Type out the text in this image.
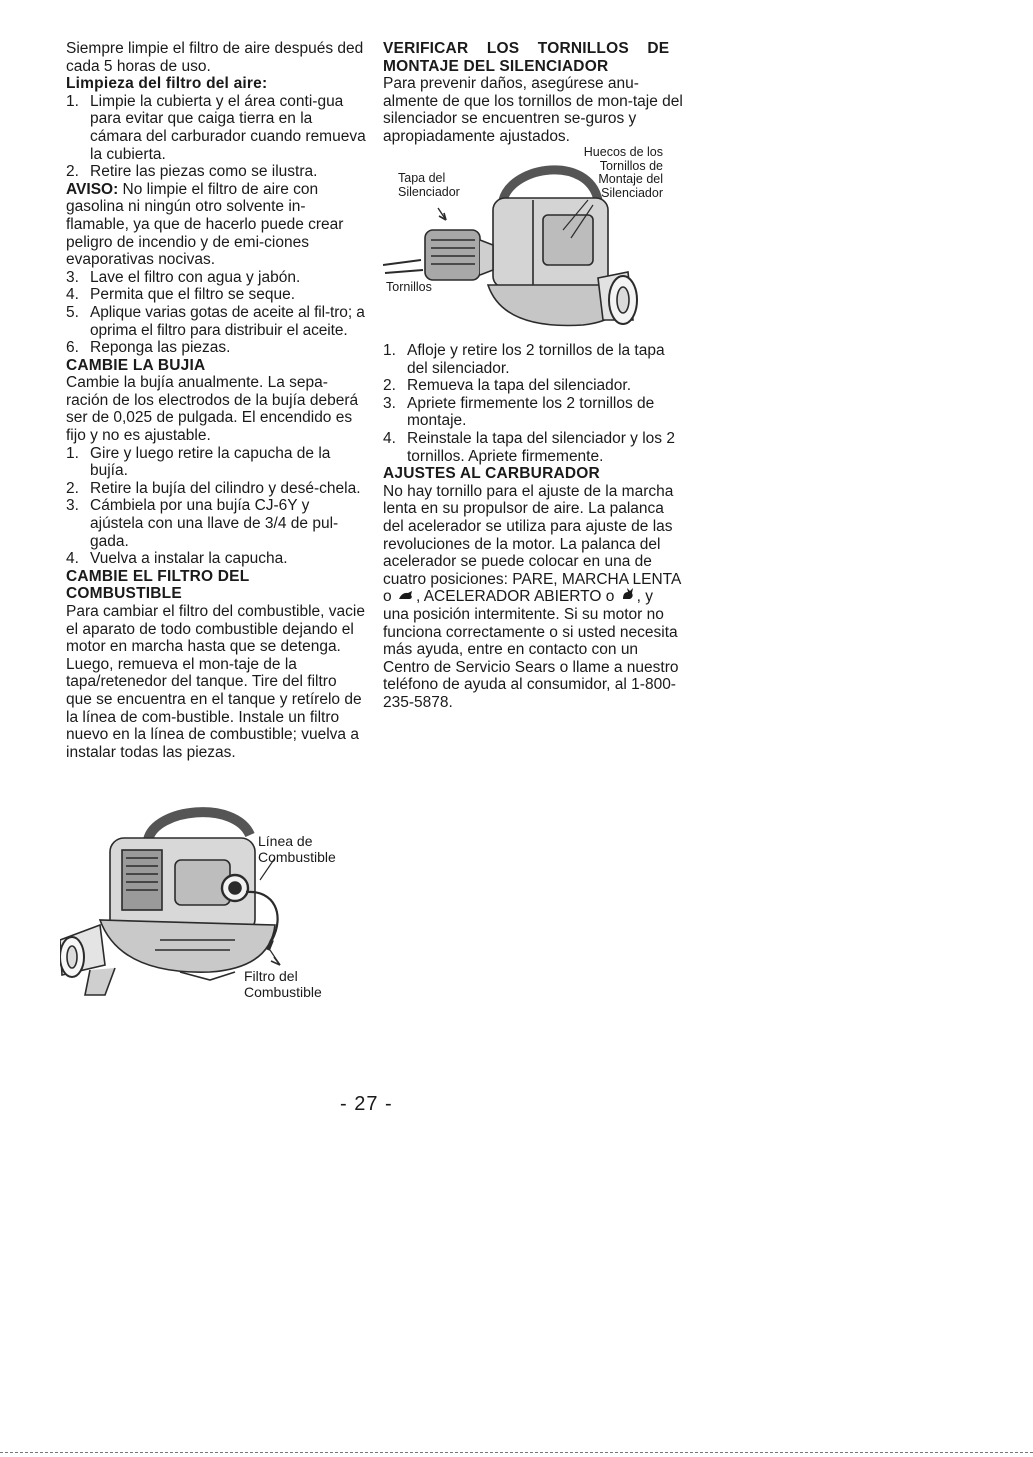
Siempre limpie el filtro de aire después ded cada 5 horas de uso.

Limpieza del filtro del aire:

1. Limpie la cubierta y el área conti-gua para evitar que caiga tierra en la cámara del carburador cuando remueva la cubierta.
2. Retire las piezas como se ilustra.

AVISO: No limpie el filtro de aire con gasolina ni ningún otro solvente in-flamable, ya que de hacerlo puede crear peligro de incendio y de emi-ciones evaporativas nocivas.

3. Lave el filtro con agua y jabón.
4. Permita que el filtro se seque.
5. Aplique varias gotas de aceite al fil-tro; a oprima el filtro para distribuir el aceite.
6. Reponga las piezas.

CAMBIE LA BUJIA

Cambie la bujía anualmente. La sepa-ración de los electrodos de la bujía deberá ser de 0,025 de pulgada. El encendido es fijo y no es ajustable.

1. Gire y luego retire la capucha de la bujía.
2. Retire la bujía del cilindro y desé-chela.
3. Cámbiela por una bujía CJ-6Y y ajústela con una llave de 3/4 de pul-gada.
4. Vuelva a instalar la capucha.

CAMBIE EL FILTRO DEL

COMBUSTIBLE

Para cambiar el filtro del combustible, vacie el aparato de todo combustible dejando el motor en marcha hasta que se detenga. Luego, remueva el mon-taje de la tapa/retenedor del tanque. Tire del filtro que se encuentra en el tanque y retírelo de la línea de com-bustible. Instale un filtro nuevo en la línea de combustible; vuelva a instalar todas las piezas.

Línea de
Combustible
Filtro del
Combustible

VERIFICAR LOS TORNILLOS DE

MONTAJE DEL SILENCIADOR

Para prevenir daños, asegúrese anu-almente de que los tornillos de mon-taje del silenciador se encuentren se-guros y apropiadamente ajustados.

Huecos de los
Tornillos de
Montaje del
Silenciador
Tapa del
Silenciador
Tornillos
1. Afloje y retire los 2 tornillos de la tapa del silenciador.
2. Remueva la tapa del silenciador.
3. Apriete firmemente los 2 tornillos de montaje.
4. Reinstale la tapa del silenciador y los 2 tornillos. Apriete firmemente.

AJUSTES AL CARBURADOR

No hay tornillo para el ajuste de la marcha lenta en su propulsor de aire. La palanca del acelerador se utiliza para ajuste de las revoluciones de la motor. La palanca del acelerador se puede colocar en una de cuatro posiciones: PARE, MARCHA LENTA o , ACELERADOR ABIERTO o , y una posición intermitente. Si su motor no funciona correctamente o si usted necesita más ayuda, entre en contacto con un Centro de Servicio Sears o llame a nuestro teléfono de ayuda al consumidor, al 1-800-235-5878.

- 27 -
